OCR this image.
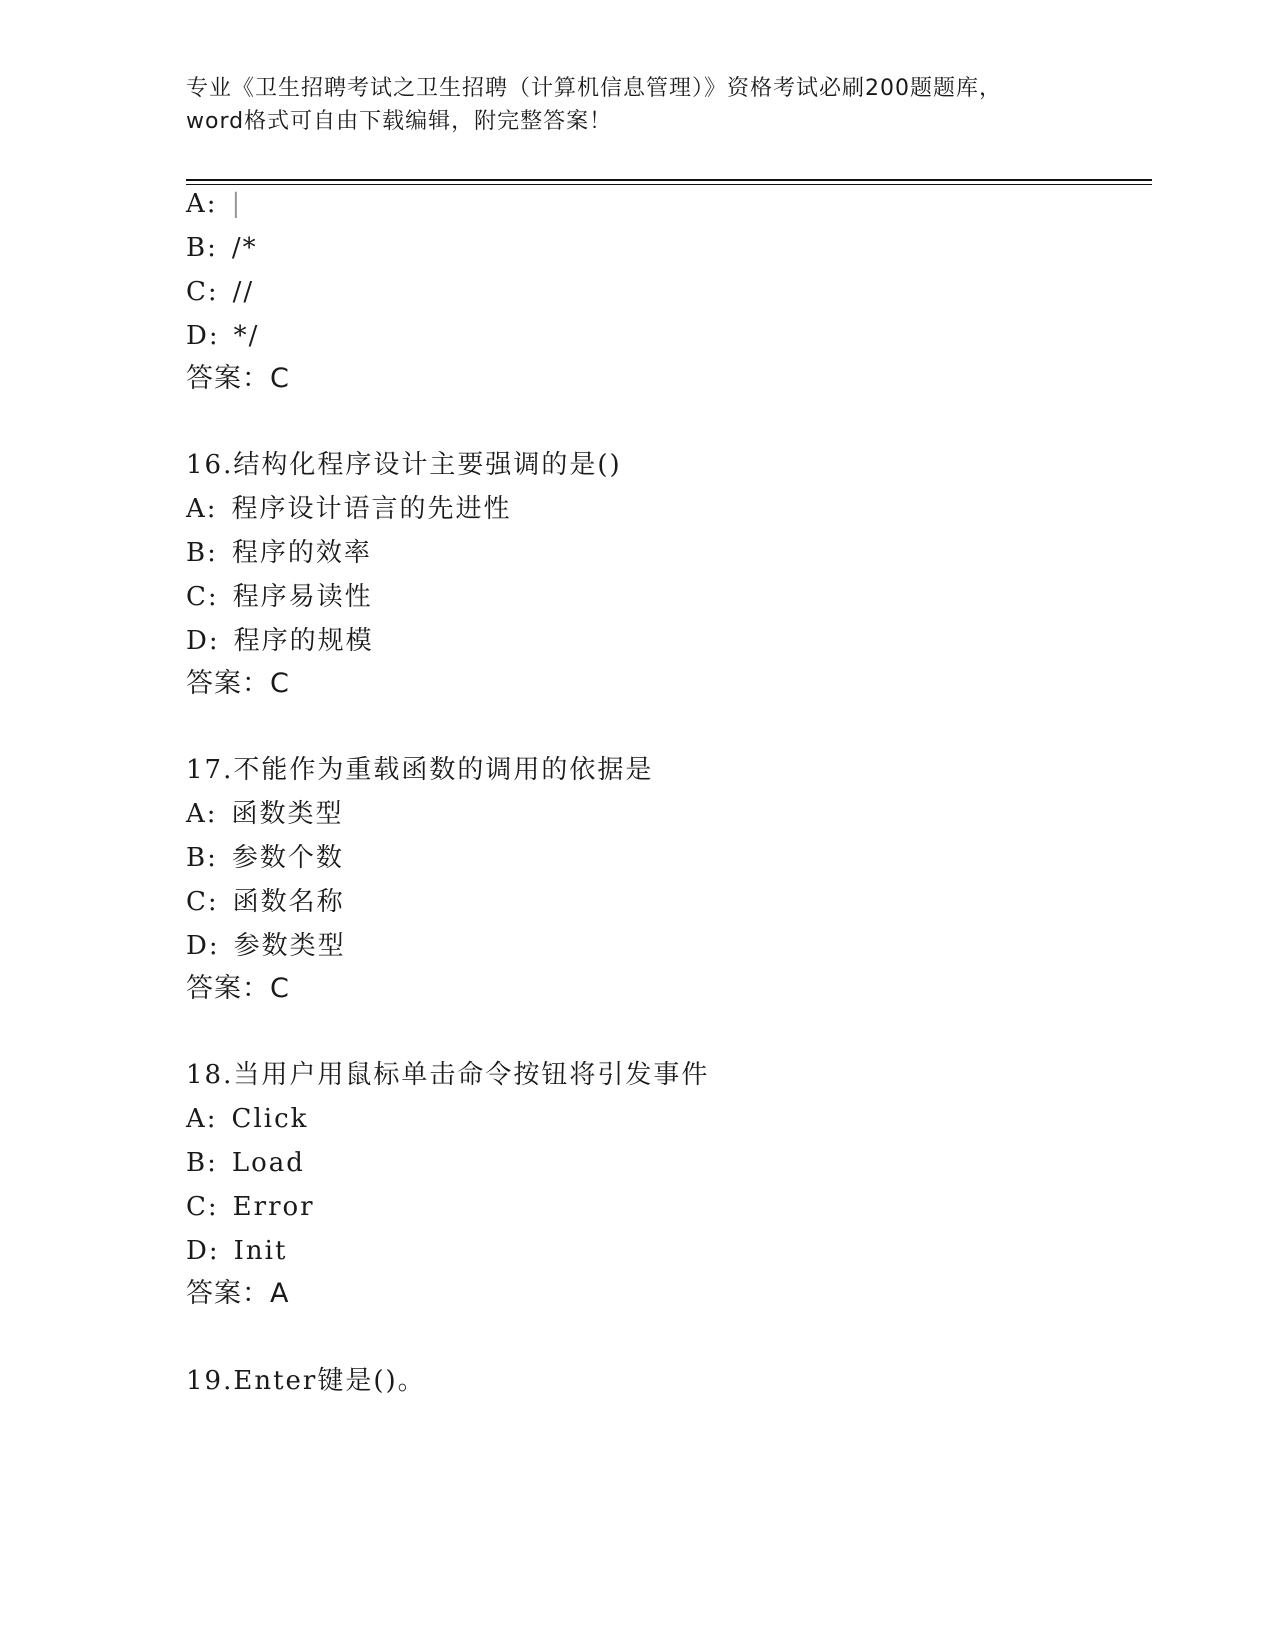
专业《卫生招聘考试之卫生招聘（计算机信息管理）》资格考试必刷200题题库，
word格式可自由下载编辑，附完整答案！
A: |
B: /*
C: //
D: */
答案：C
16.结构化程序设计主要强调的是()
A: 程序设计语言的先进性
B: 程序的效率
C: 程序易读性
D: 程序的规模
答案：C
17.不能作为重载函数的调用的依据是
A: 函数类型
B: 参数个数
C: 函数名称
D: 参数类型
答案：C
18.当用户用鼠标单击命令按钮将引发事件
A: Click
B: Load
C: Error
D: Init
答案：A
19.Enter键是()。
